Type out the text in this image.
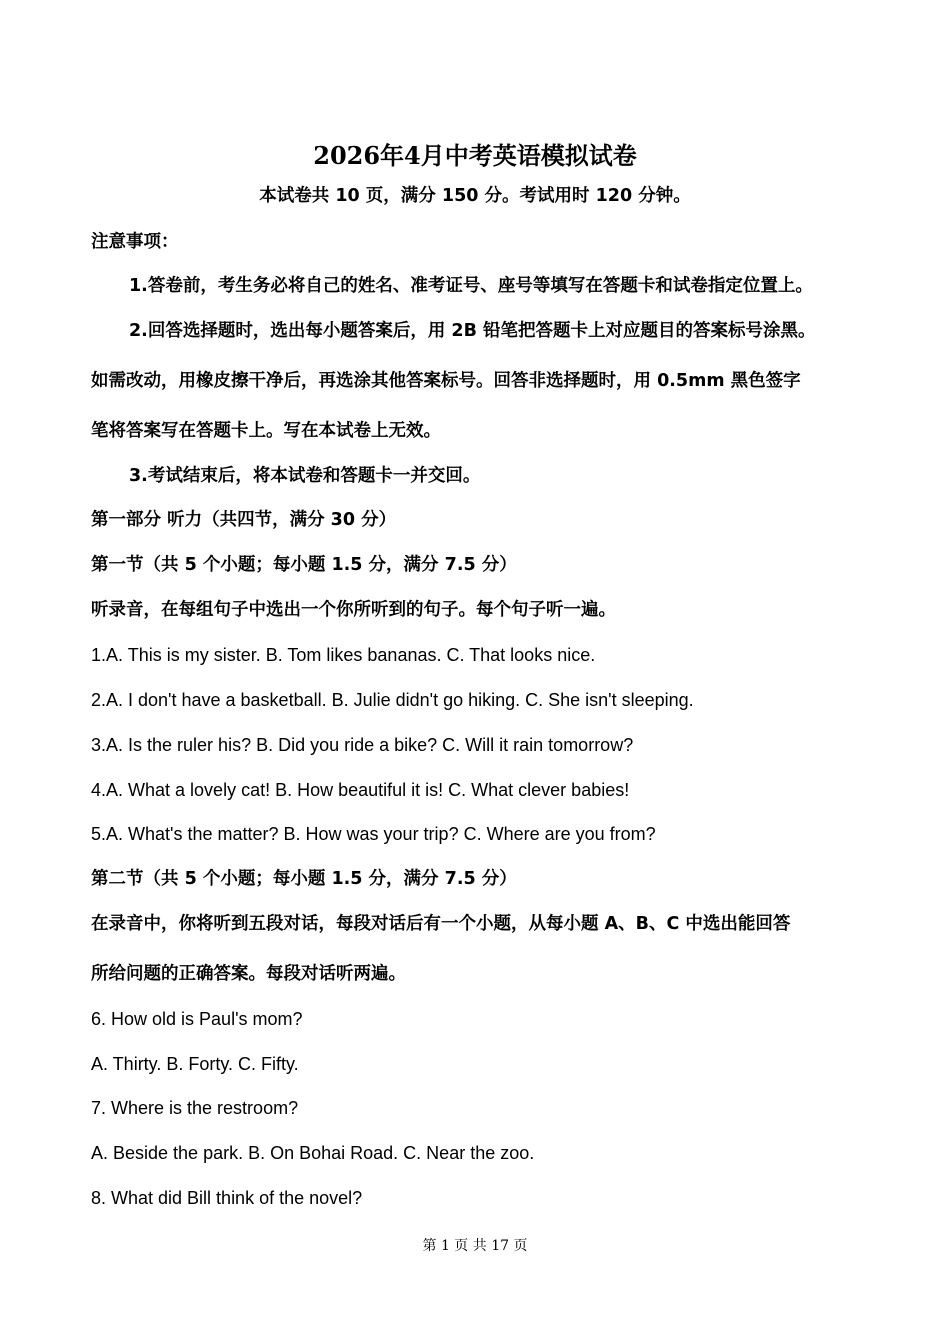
2026年4月中考英语模拟试卷
本试卷共 10 页，满分 150 分。考试用时 120 分钟。
注意事项：
1.答卷前，考生务必将自己的姓名、准考证号、座号等填写在答题卡和试卷指定位置上。
2.回答选择题时，选出每小题答案后，用 2B 铅笔把答题卡上对应题目的答案标号涂黑。
如需改动，用橡皮擦干净后，再选涂其他答案标号。回答非选择题时，用 0.5mm 黑色签字
笔将答案写在答题卡上。写在本试卷上无效。
3.考试结束后，将本试卷和答题卡一并交回。
第一部分 听力（共四节，满分 30 分）
第一节（共 5 个小题；每小题 1.5 分，满分 7.5 分）
听录音，在每组句子中选出一个你所听到的句子。每个句子听一遍。
1.A. This is my sister. B. Tom likes bananas. C. That looks nice.
2.A. I don't have a basketball. B. Julie didn't go hiking. C. She isn't sleeping.
3.A. Is the ruler his? B. Did you ride a bike? C. Will it rain tomorrow?
4.A. What a lovely cat! B. How beautiful it is! C. What clever babies!
5.A. What's the matter? B. How was your trip? C. Where are you from?
第二节（共 5 个小题；每小题 1.5 分，满分 7.5 分）
在录音中，你将听到五段对话，每段对话后有一个小题，从每小题 A、B、C 中选出能回答
所给问题的正确答案。每段对话听两遍。
6. How old is Paul's mom?
A. Thirty. B. Forty. C. Fifty.
7. Where is the restroom?
A. Beside the park. B. On Bohai Road. C. Near the zoo.
8. What did Bill think of the novel?
第 1 页 共 17 页
